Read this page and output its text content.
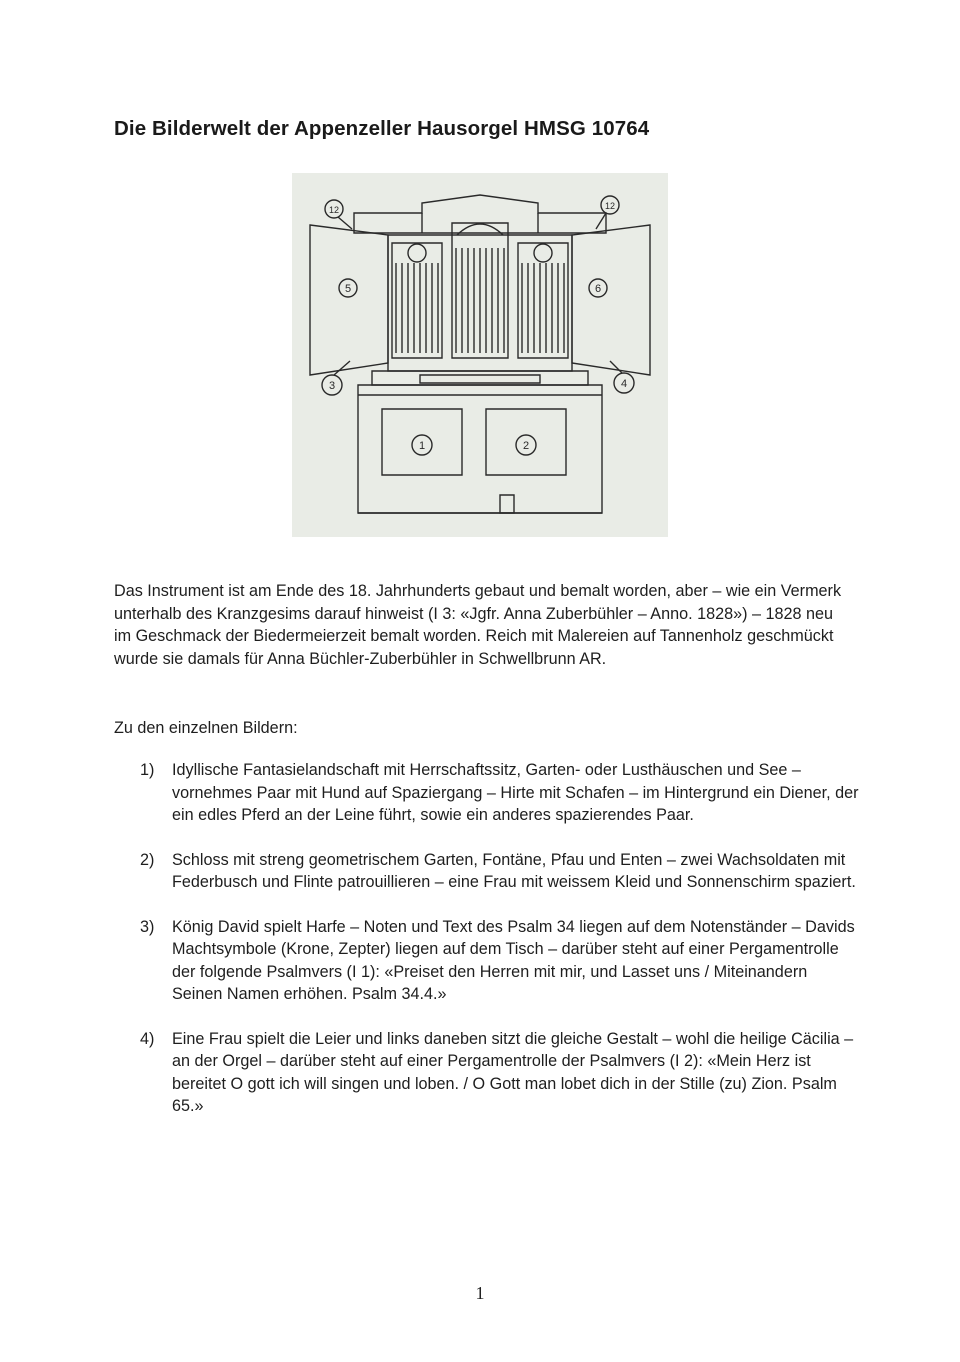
Die Bilderwelt der Appenzeller Hausorgel HMSG 10764
1	2
3	4
5	6
12	12
Das Instrument ist am Ende des 18. Jahrhunderts gebaut und bemalt worden, aber – wie ein Vermerk unterhalb des Kranzgesims darauf hinweist (I 3: «Jgfr. Anna Zuberbühler – Anno. 1828») – 1828 neu im Geschmack der Biedermeierzeit bemalt worden. Reich mit Malereien auf Tannenholz geschmückt wurde sie damals für Anna Büchler-Zuberbühler in Schwellbrunn AR.
Zu den einzelnen Bildern:
1) Idyllische Fantasielandschaft mit Herrschaftssitz, Garten- oder Lusthäuschen und See – vornehmes Paar mit Hund auf Spaziergang – Hirte mit Schafen – im Hintergrund ein Diener, der ein edles Pferd an der Leine führt, sowie ein anderes spazierendes Paar.
2) Schloss mit streng geometrischem Garten, Fontäne, Pfau und Enten – zwei Wachsoldaten mit Federbusch und Flinte patrouillieren – eine Frau mit weissem Kleid und Sonnenschirm spaziert.
3) König David spielt Harfe – Noten und Text des Psalm 34 liegen auf dem Notenständer – Davids Machtsymbole (Krone, Zepter) liegen auf dem Tisch – darüber steht auf einer Pergamentrolle der folgende Psalmvers (I 1): «Preiset den Herren mit mir, und Lasset uns / Miteinandern Seinen Namen erhöhen. Psalm 34.4.»
4) Eine Frau spielt die Leier und links daneben sitzt die gleiche Gestalt – wohl die heilige Cäcilia – an der Orgel – darüber steht auf einer Pergamentrolle der Psalmvers (I 2): «Mein Herz ist bereitet O gott ich will singen und loben. / O Gott man lobet dich in der Stille (zu) Zion. Psalm 65.»
1
